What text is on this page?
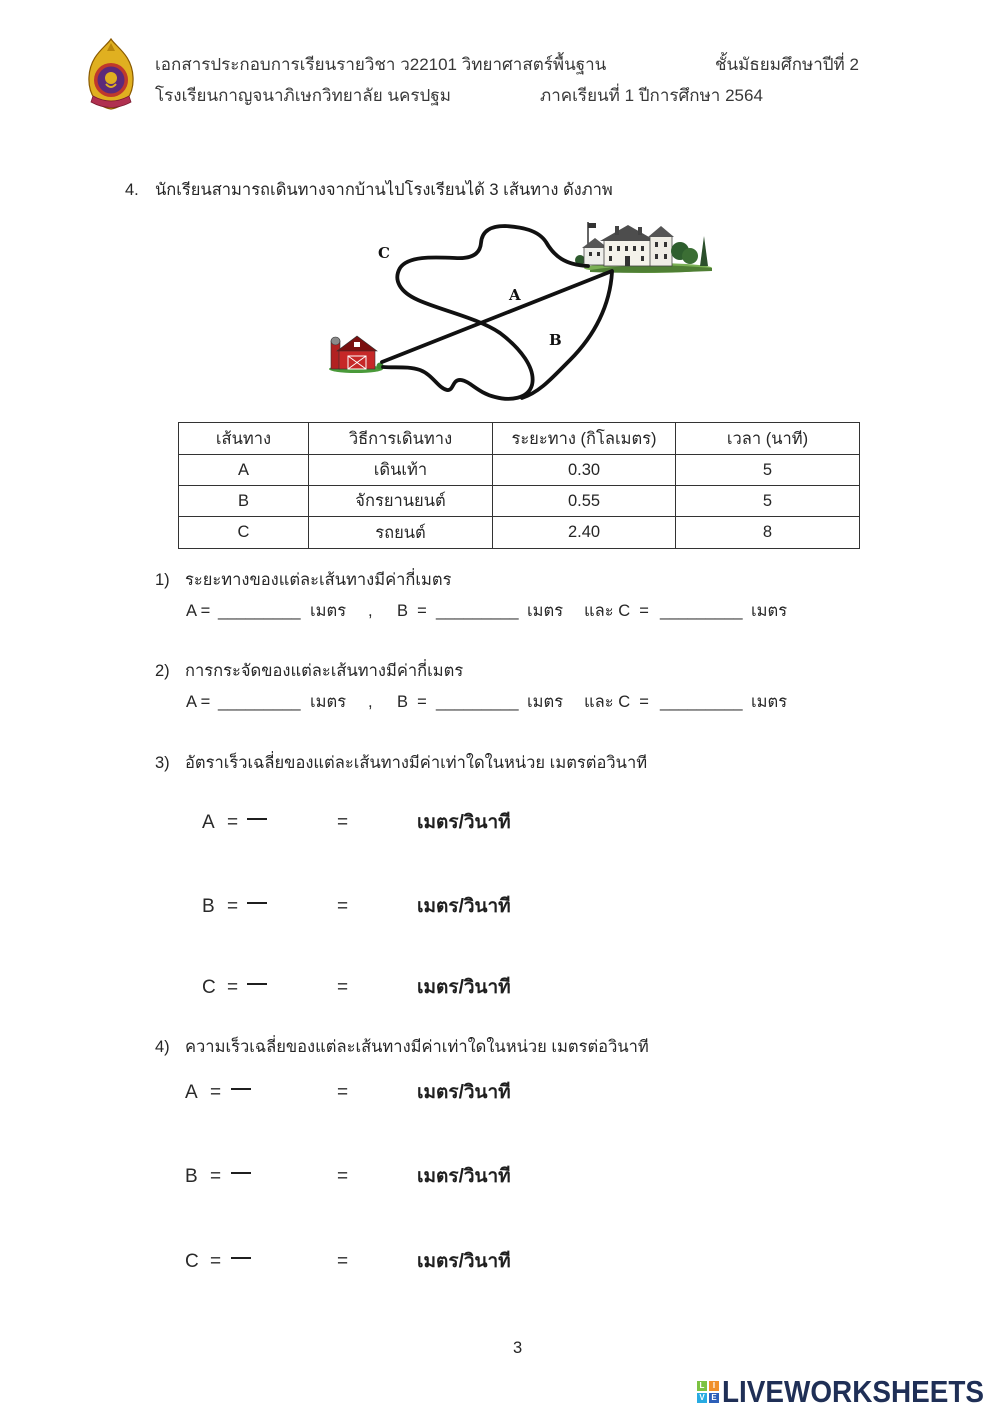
เอกสารประกอบการเรียนรายวิชา ว22101 วิทยาศาสตร์พื้นฐาน	ชั้นมัธยมศึกษาปีที่ 2
โรงเรียนกาญจนาภิเษกวิทยาลัย นครปฐม	ภาคเรียนที่ 1 ปีการศึกษา 2564
4. นักเรียนสามารถเดินทางจากบ้านไปโรงเรียนได้ 3 เส้นทาง ดังภาพ
C
A
B
เส้นทาง	วิธีการเดินทาง	ระยะทาง (กิโลเมตร)	เวลา (นาที)
A	เดินเท้า	0.30	5
B	จักรยานยนต์	0.55	5
C	รถยนต์	2.40	8
1) ระยะทางของแต่ละเส้นทางมีค่ากี่เมตร
A = _________ เมตร , B  = _________ เมตร และ C  = _________ เมตร
2) การกระจัดของแต่ละเส้นทางมีค่ากี่เมตร
A = _________ เมตร , B  = _________ เมตร และ C  = _________ เมตร
3) อัตราเร็วเฉลี่ยของแต่ละเส้นทางมีค่าเท่าใดในหน่วย เมตรต่อวินาที
A =	=	เมตร/วินาที
B =	=	เมตร/วินาที
C =	=	เมตร/วินาที
4) ความเร็วเฉลี่ยของแต่ละเส้นทางมีค่าเท่าใดในหน่วย เมตรต่อวินาที
A =	=	เมตร/วินาที
B =	=	เมตร/วินาที
C =	=	เมตร/วินาที
3
L	I
V E LIVEWORKSHEETS
